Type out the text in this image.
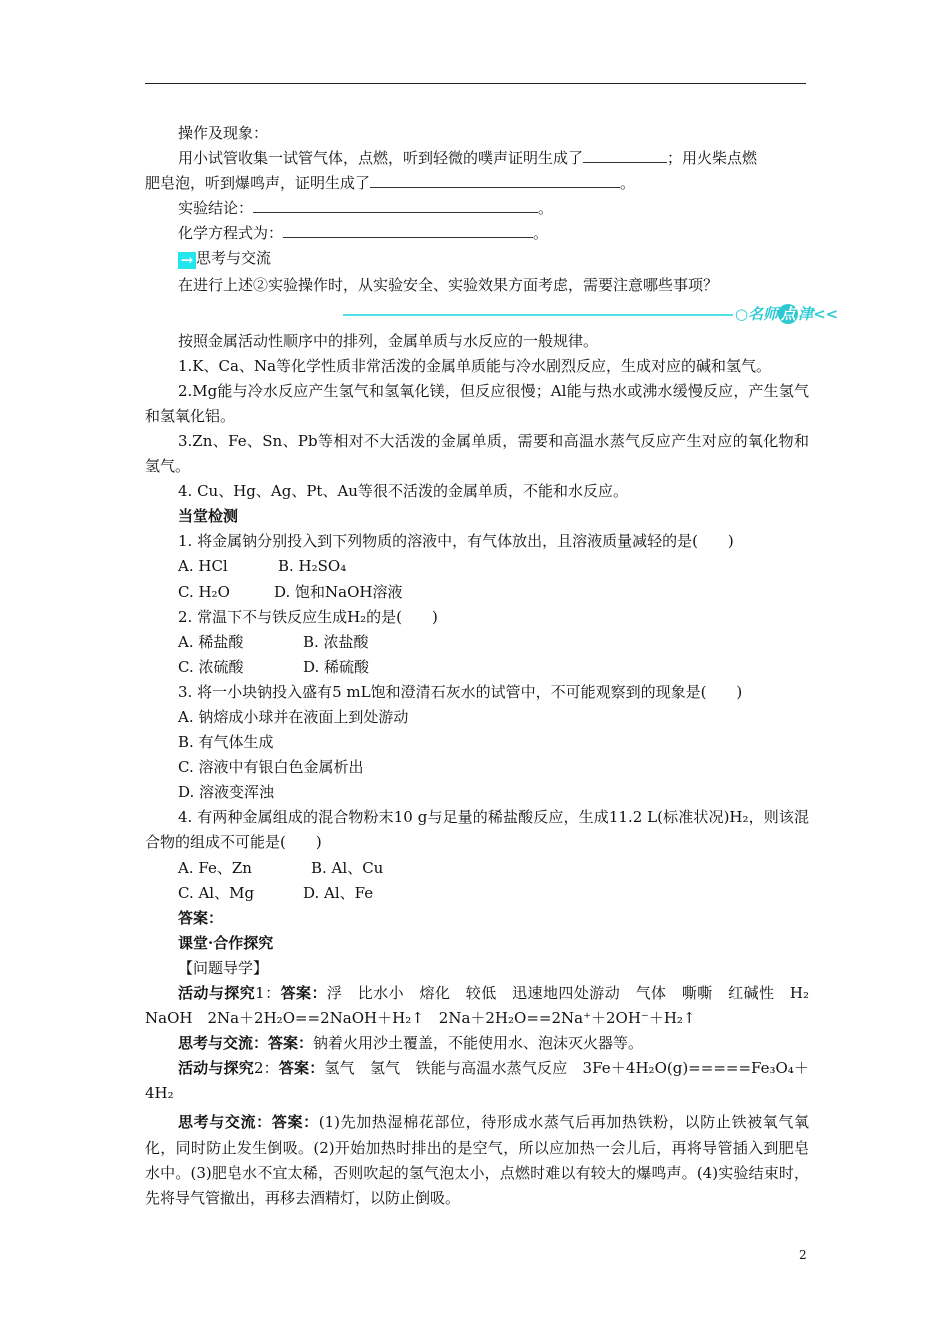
操作及现象：
用小试管收集一试管气体，点燃，听到轻微的噗声证明生成了	；用火柴点燃
肥皂泡，听到爆鸣声，证明生成了	。
实验结论：	。
化学方程式为：	。
→ 思考与交流
在进行上述②实验操作时，从实验安全、实验效果方面考虑，需要注意哪些事项？
○名师 点 津<<
按照金属活动性顺序中的排列，金属单质与水反应的一般规律。
1.K、Ca、Na等化学性质非常活泼的金属单质能与冷水剧烈反应，生成对应的碱和氢气。
2.Mg能与冷水反应产生氢气和氢氧化镁，但反应很慢；Al能与热水或沸水缓慢反应，产生氢气和氢氧化铝。
3.Zn、Fe、Sn、Pb等相对不大活泼的金属单质，需要和高温水蒸气反应产生对应的氧化物和氢气。
4. Cu、Hg、Ag、Pt、Au等很不活泼的金属单质，不能和水反应。
当堂检测
1. 将金属钠分别投入到下列物质的溶液中，有气体放出，且溶液质量减轻的是(　　)
A. HCl	B. H₂SO₄
C. H₂O	D. 饱和NaOH溶液
2. 常温下不与铁反应生成H₂的是(　　)
A. 稀盐酸	B. 浓盐酸
C. 浓硫酸	D. 稀硫酸
3. 将一小块钠投入盛有5 mL饱和澄清石灰水的试管中，不可能观察到的现象是(　　)
A. 钠熔成小球并在液面上到处游动
B. 有气体生成
C. 溶液中有银白色金属析出
D. 溶液变浑浊
4. 有两种金属组成的混合物粉末10 g与足量的稀盐酸反应，生成11.2 L(标准状况)H₂，则该混合物的组成不可能是(　　)
A. Fe、Zn	B. Al、Cu
C. Al、Mg	D. Al、Fe
答案：
课堂·合作探究
【问题导学】
活动与探究1：答案：浮　比水小　熔化　较低　迅速地四处游动　气体　嘶嘶　红碱性　H₂　NaOH　2Na＋2H₂O==2NaOH＋H₂↑　2Na＋2H₂O==2Na⁺＋2OH⁻＋H₂↑
思考与交流：答案：钠着火用沙土覆盖，不能使用水、泡沫灭火器等。
活动与探究2：答案：氢气　氢气　铁能与高温水蒸气反应　3Fe＋4H₂O(g)=====Fe₃O₄＋4H₂
思考与交流：答案：(1)先加热湿棉花部位，待形成水蒸气后再加热铁粉，以防止铁被氧气氧化，同时防止发生倒吸。(2)开始加热时排出的是空气，所以应加热一会儿后，再将导管插入到肥皂水中。(3)肥皂水不宜太稀，否则吹起的氢气泡太小，点燃时难以有较大的爆鸣声。(4)实验结束时，先将导气管撤出，再移去酒精灯，以防止倒吸。
2
